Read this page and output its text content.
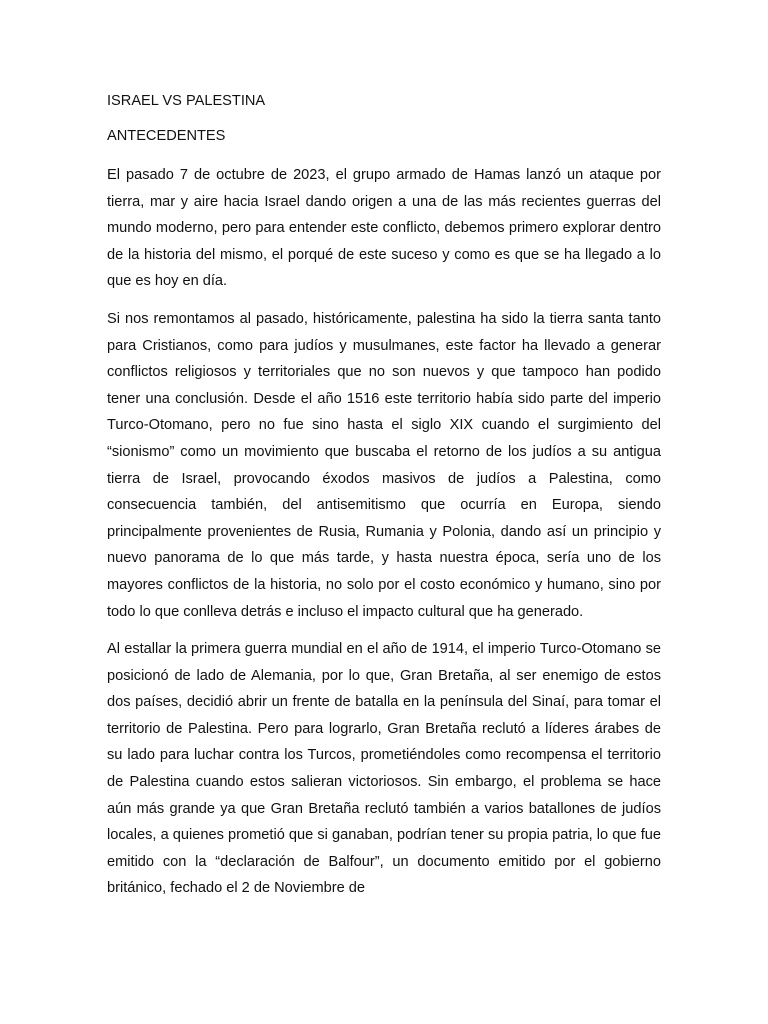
ISRAEL VS PALESTINA

ANTECEDENTES

El pasado 7 de octubre de 2023, el grupo armado de Hamas lanzó un ataque por tierra, mar y aire hacia Israel dando origen a una de las más recientes guerras del mundo moderno, pero para entender este conflicto, debemos primero explorar dentro de la historia del mismo, el porqué de este suceso y como es que se ha llegado a lo que es hoy en día.

Si nos remontamos al pasado, históricamente, palestina ha sido la tierra santa tanto para Cristianos, como para judíos y musulmanes, este factor ha llevado a generar conflictos religiosos y territoriales que no son nuevos y que tampoco han podido tener una conclusión. Desde el año 1516 este territorio había sido parte del imperio Turco-Otomano, pero no fue sino hasta el siglo XIX cuando el surgimiento del “sionismo” como un movimiento que buscaba el retorno de los judíos a su antigua tierra de Israel, provocando éxodos masivos de judíos a Palestina, como consecuencia también, del antisemitismo que ocurría en Europa, siendo principalmente provenientes de Rusia, Rumania y Polonia, dando así un principio y nuevo panorama de lo que más tarde, y hasta nuestra época, sería uno de los mayores conflictos de la historia, no solo por el costo económico y humano, sino por todo lo que conlleva detrás e incluso el impacto cultural que ha generado.

Al estallar la primera guerra mundial en el año de 1914, el imperio Turco-Otomano se posicionó de lado de Alemania, por lo que, Gran Bretaña, al ser enemigo de estos dos países, decidió abrir un frente de batalla en la península del Sinaí, para tomar el territorio de Palestina. Pero para lograrlo, Gran Bretaña reclutó a líderes árabes de su lado para luchar contra los Turcos, prometiéndoles como recompensa el territorio de Palestina cuando estos salieran victoriosos. Sin embargo, el problema se hace aún más grande ya que Gran Bretaña reclutó también a varios batallones de judíos locales, a quienes prometió que si ganaban, podrían tener su propia patria, lo que fue emitido con la “declaración de Balfour”, un documento emitido por el gobierno británico, fechado el 2 de Noviembre de
